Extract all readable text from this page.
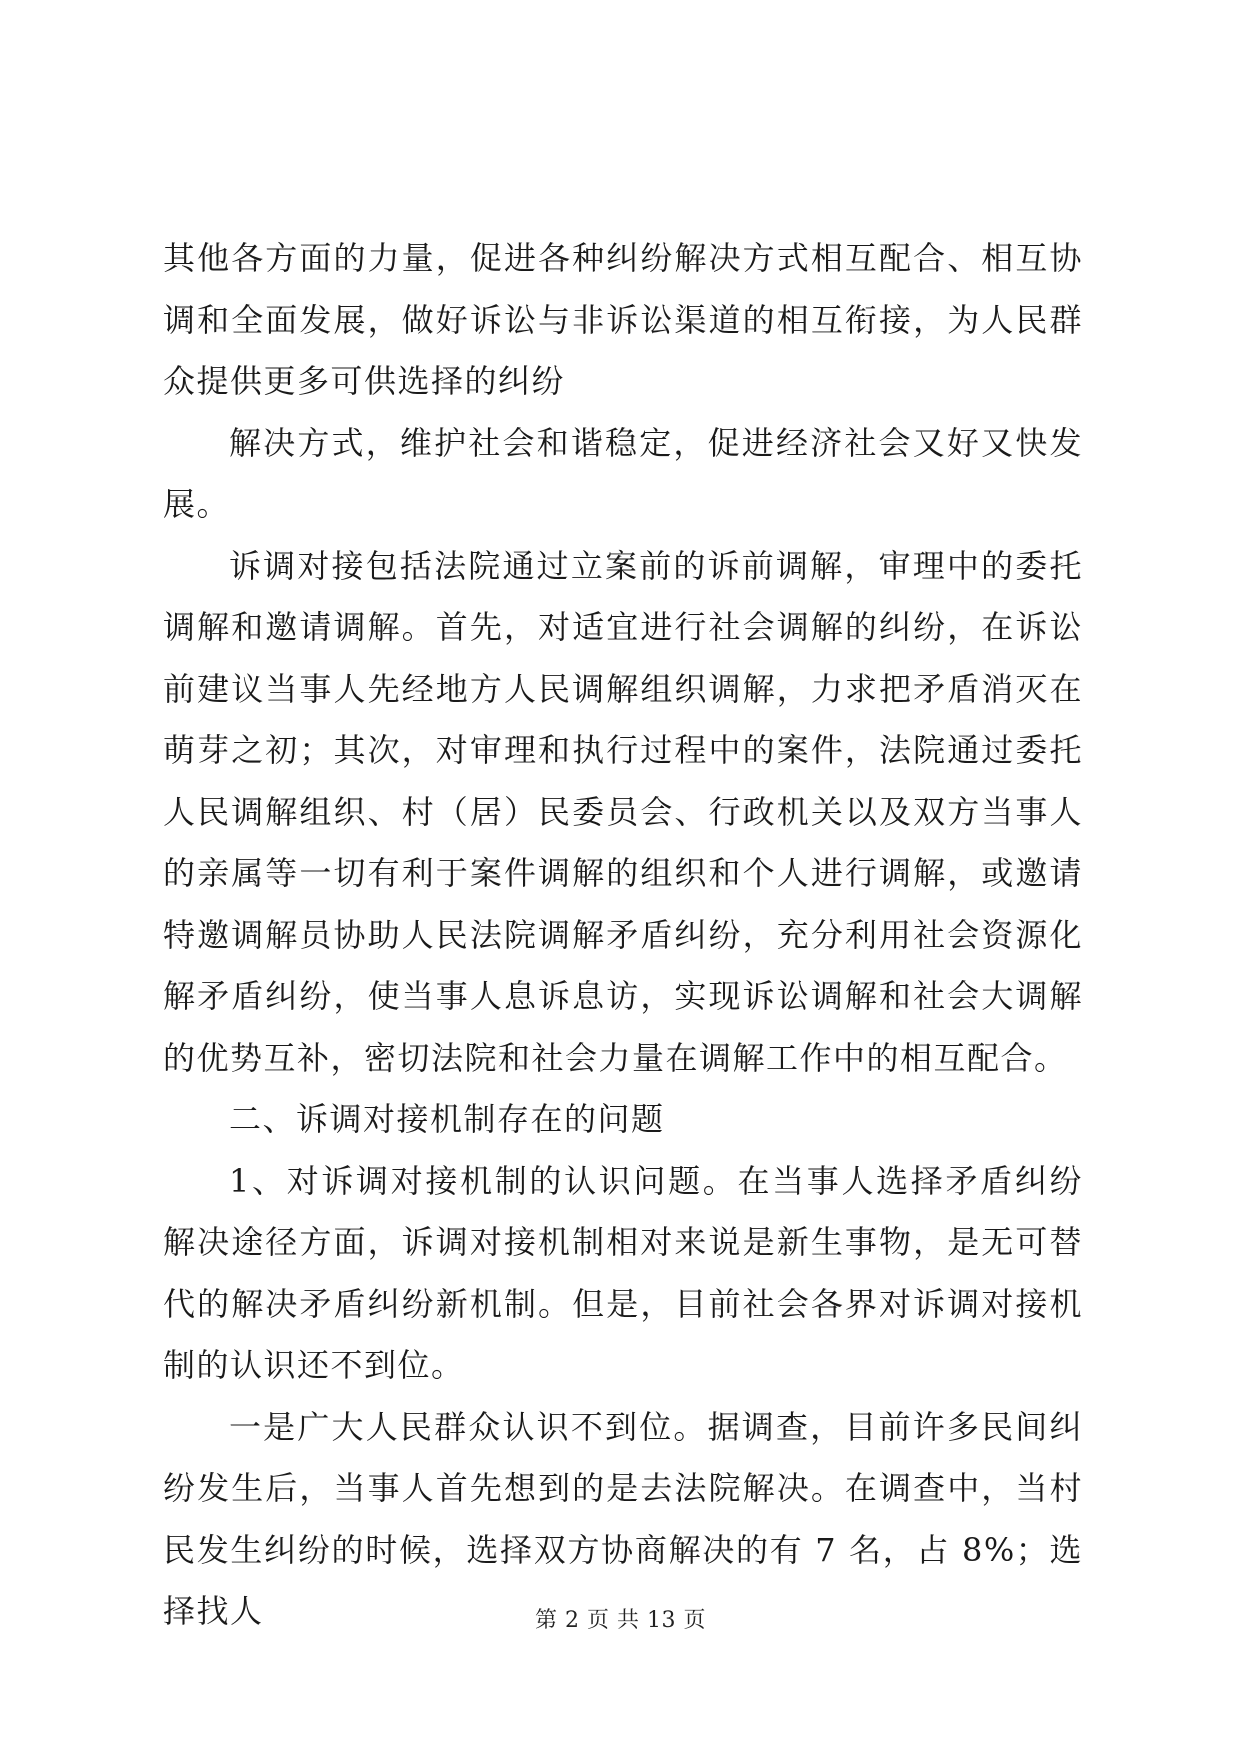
其他各方面的力量，促进各种纠纷解决方式相互配合、相互协调和全面发展，做好诉讼与非诉讼渠道的相互衔接，为人民群众提供更多可供选择的纠纷

解决方式，维护社会和谐稳定，促进经济社会又好又快发展。

诉调对接包括法院通过立案前的诉前调解，审理中的委托调解和邀请调解。首先，对适宜进行社会调解的纠纷，在诉讼前建议当事人先经地方人民调解组织调解，力求把矛盾消灭在萌芽之初；其次，对审理和执行过程中的案件，法院通过委托人民调解组织、村（居）民委员会、行政机关以及双方当事人的亲属等一切有利于案件调解的组织和个人进行调解，或邀请特邀调解员协助人民法院调解矛盾纠纷，充分利用社会资源化解矛盾纠纷，使当事人息诉息访，实现诉讼调解和社会大调解的优势互补，密切法院和社会力量在调解工作中的相互配合。

二、诉调对接机制存在的问题

1、对诉调对接机制的认识问题。在当事人选择矛盾纠纷解决途径方面，诉调对接机制相对来说是新生事物，是无可替代的解决矛盾纠纷新机制。但是，目前社会各界对诉调对接机制的认识还不到位。

一是广大人民群众认识不到位。据调查，目前许多民间纠纷发生后，当事人首先想到的是去法院解决。在调查中，当村民发生纠纷的时候，选择双方协商解决的有 7 名，占 8%；选择找人	第 2 页 共 13 页
